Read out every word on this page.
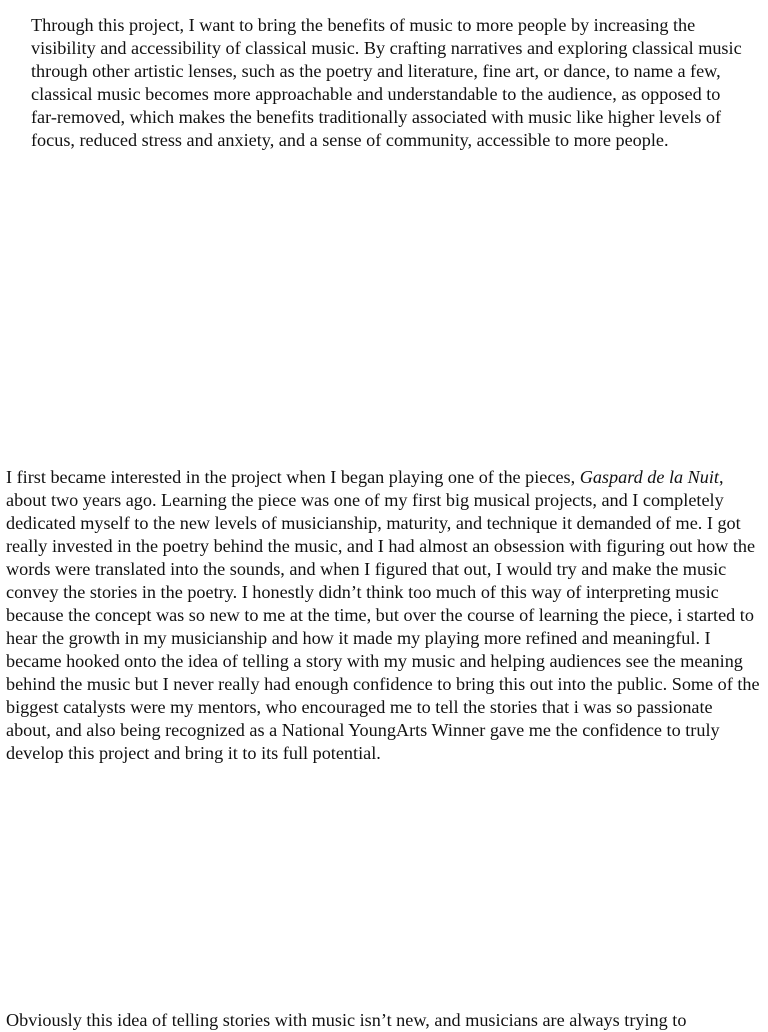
Through this project, I want to bring the benefits of music to more people by increasing the visibility and accessibility of classical music. By crafting narratives and exploring classical music through other artistic lenses, such as the poetry and literature, fine art, or dance, to name a few, classical music becomes more approachable and understandable to the audience, as opposed to far-removed, which makes the benefits traditionally associated with music like higher levels of focus, reduced stress and anxiety, and a sense of community, accessible to more people.

I first became interested in the project when I began playing one of the pieces, Gaspard de la Nuit, about two years ago. Learning the piece was one of my first big musical projects, and I completely dedicated myself to the new levels of musicianship, maturity, and technique it demanded of me. I got really invested in the poetry behind the music, and I had almost an obsession with figuring out how the words were translated into the sounds, and when I figured that out, I would try and make the music convey the stories in the poetry. I honestly didn’t think too much of this way of interpreting music because the concept was so new to me at the time, but over the course of learning the piece, i started to hear the growth in my musicianship and how it made my playing more refined and meaningful. I became hooked onto the idea of telling a story with my music and helping audiences see the meaning behind the music but I never really had enough confidence to bring this out into the public. Some of the biggest catalysts were my mentors, who encouraged me to tell the stories that i was so passionate about, and also being recognized as a National YoungArts Winner gave me the confidence to truly develop this project and bring it to its full potential.

Obviously this idea of telling stories with music isn’t new, and musicians are always trying to
